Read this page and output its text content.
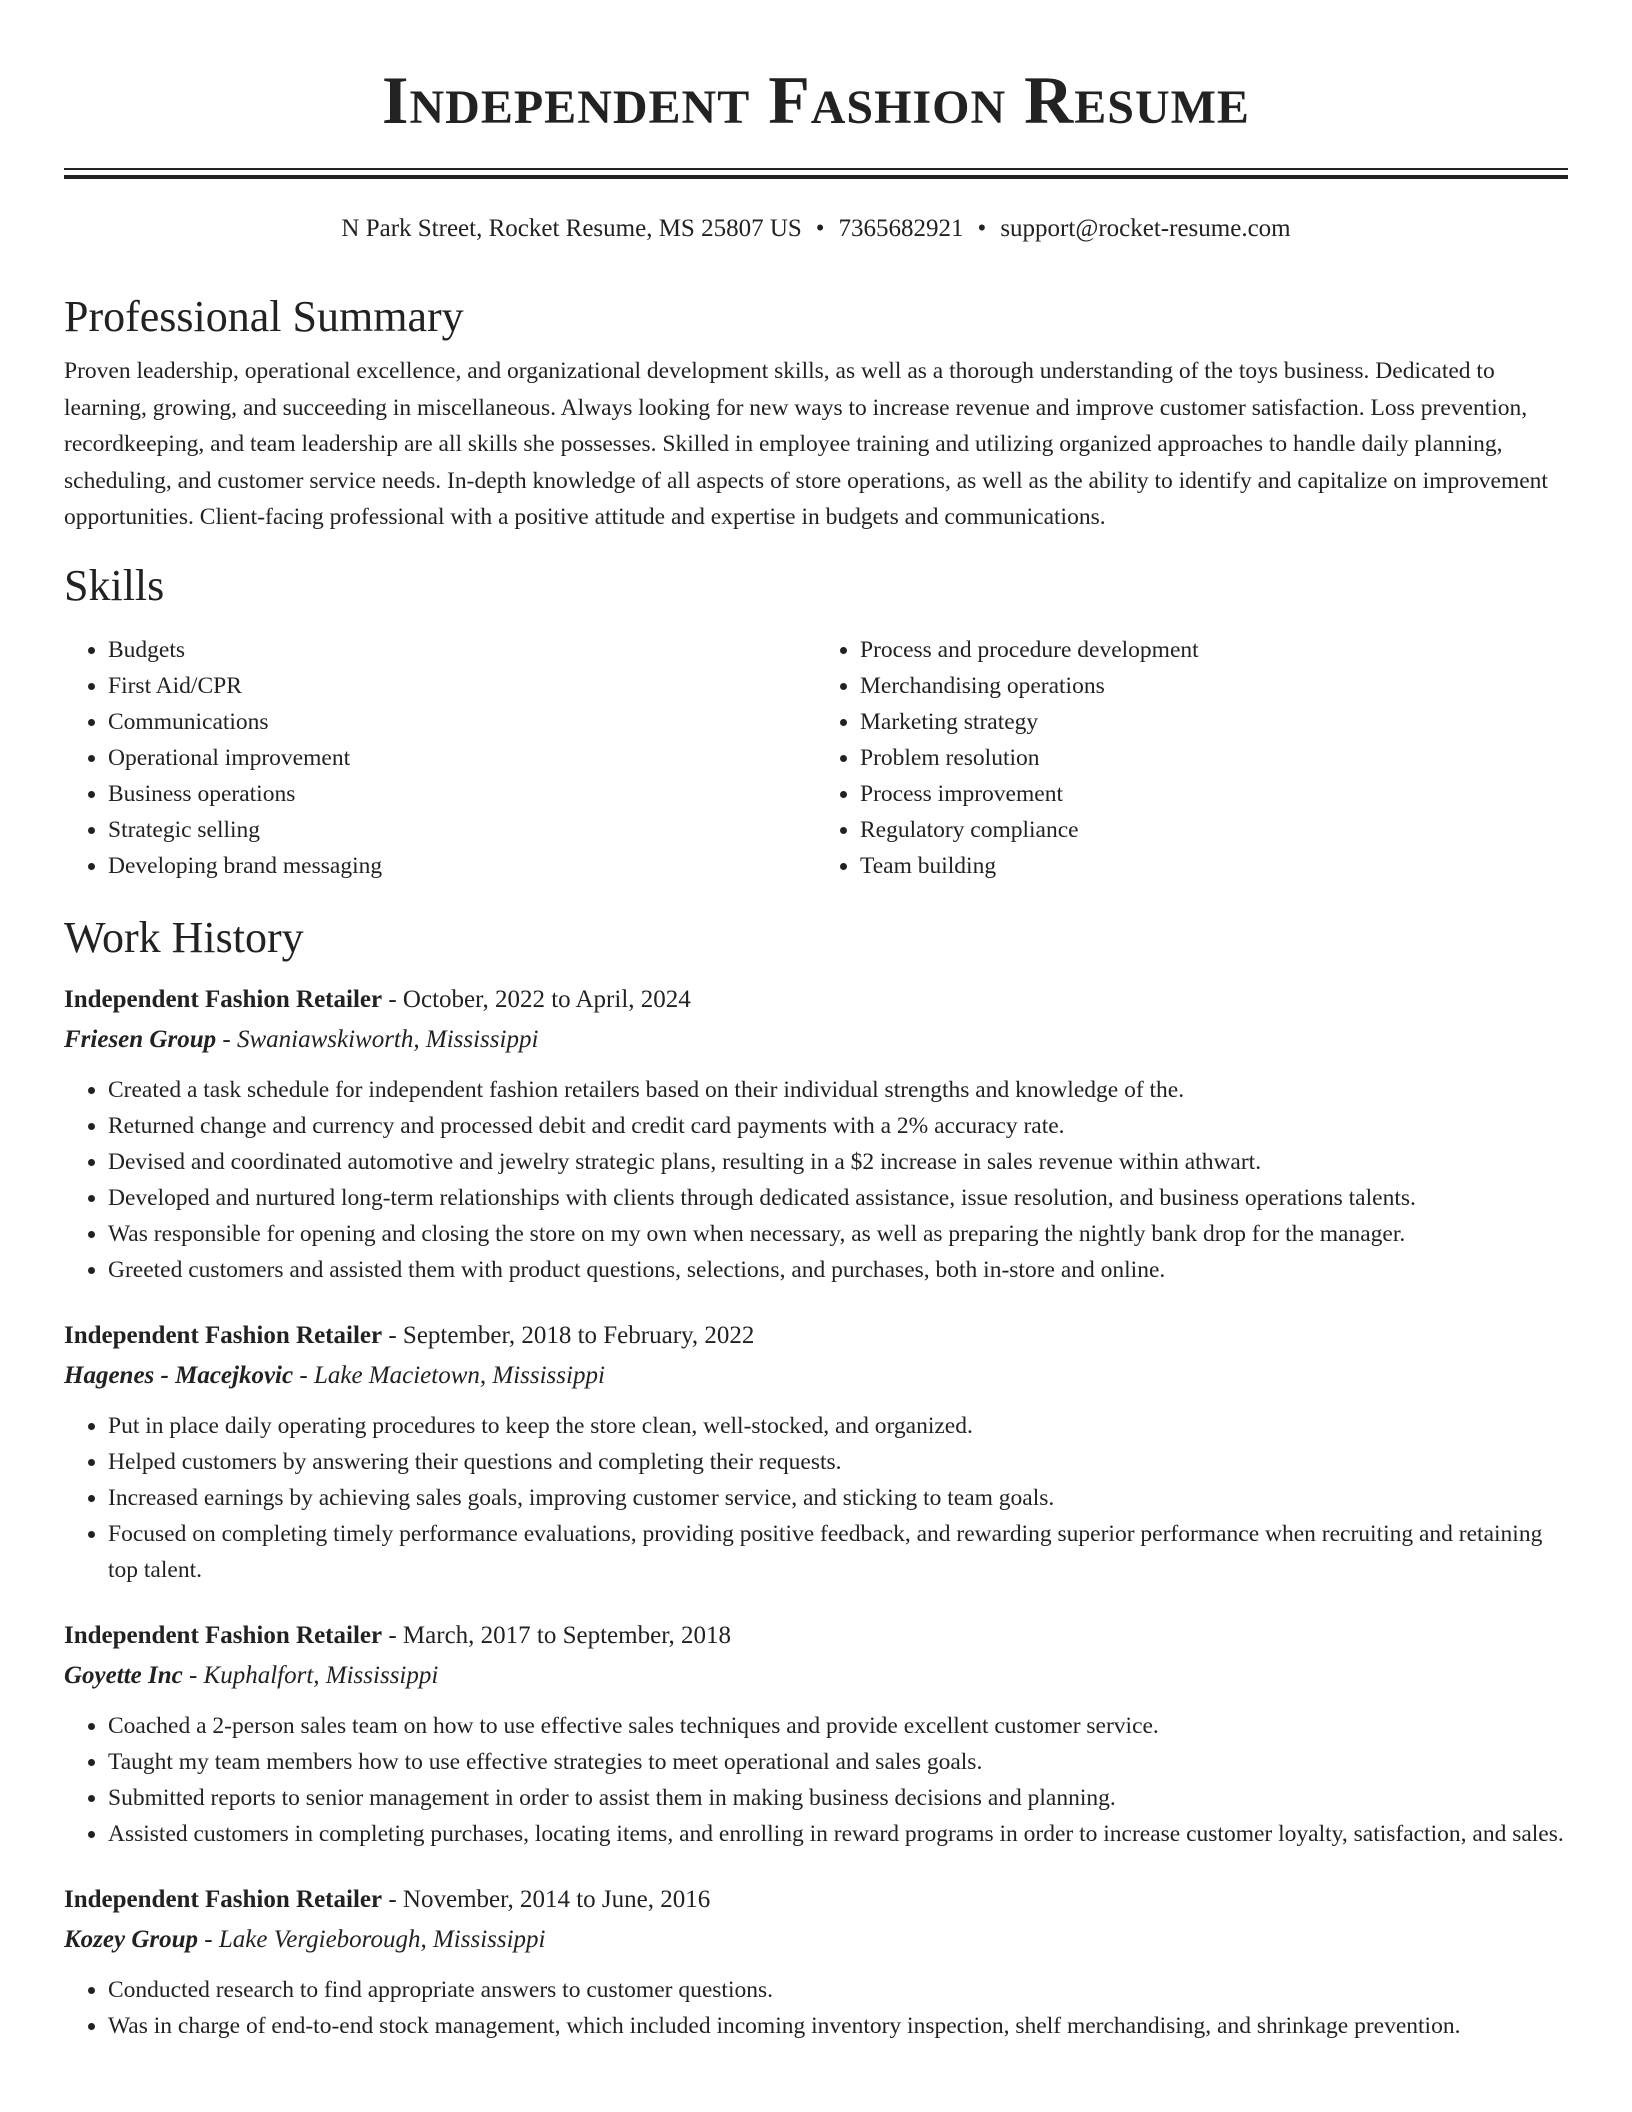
Independent Fashion Resume
N Park Street, Rocket Resume, MS 25807 US • 7365682921 • support@rocket-resume.com
Professional Summary

Proven leadership, operational excellence, and organizational development skills, as well as a thorough understanding of the toys business. Dedicated to learning, growing, and succeeding in miscellaneous. Always looking for new ways to increase revenue and improve customer satisfaction. Loss prevention, recordkeeping, and team leadership are all skills she possesses. Skilled in employee training and utilizing organized approaches to handle daily planning, scheduling, and customer service needs. In-depth knowledge of all aspects of store operations, as well as the ability to identify and capitalize on improvement opportunities. Client-facing professional with a positive attitude and expertise in budgets and communications.

Skills
• Budgets
• First Aid/CPR
• Communications
• Operational improvement
• Business operations
• Strategic selling
• Developing brand messaging
• Process and procedure development
• Merchandising operations
• Marketing strategy
• Problem resolution
• Process improvement
• Regulatory compliance
• Team building
Work History
Independent Fashion Retailer - October, 2022 to April, 2024
Friesen Group - Swaniawskiworth, Mississippi
• Created a task schedule for independent fashion retailers based on their individual strengths and knowledge of the.
• Returned change and currency and processed debit and credit card payments with a 2% accuracy rate.
• Devised and coordinated automotive and jewelry strategic plans, resulting in a $2 increase in sales revenue within athwart.
• Developed and nurtured long-term relationships with clients through dedicated assistance, issue resolution, and business operations talents.
• Was responsible for opening and closing the store on my own when necessary, as well as preparing the nightly bank drop for the manager.
• Greeted customers and assisted them with product questions, selections, and purchases, both in-store and online.
Independent Fashion Retailer - September, 2018 to February, 2022
Hagenes - Macejkovic - Lake Macietown, Mississippi
• Put in place daily operating procedures to keep the store clean, well-stocked, and organized.
• Helped customers by answering their questions and completing their requests.
• Increased earnings by achieving sales goals, improving customer service, and sticking to team goals.
• Focused on completing timely performance evaluations, providing positive feedback, and rewarding superior performance when recruiting and retaining top talent.
Independent Fashion Retailer - March, 2017 to September, 2018
Goyette Inc - Kuphalfort, Mississippi
• Coached a 2-person sales team on how to use effective sales techniques and provide excellent customer service.
• Taught my team members how to use effective strategies to meet operational and sales goals.
• Submitted reports to senior management in order to assist them in making business decisions and planning.
• Assisted customers in completing purchases, locating items, and enrolling in reward programs in order to increase customer loyalty, satisfaction, and sales.
Independent Fashion Retailer - November, 2014 to June, 2016
Kozey Group - Lake Vergieborough, Mississippi
• Conducted research to find appropriate answers to customer questions.
• Was in charge of end-to-end stock management, which included incoming inventory inspection, shelf merchandising, and shrinkage prevention.
